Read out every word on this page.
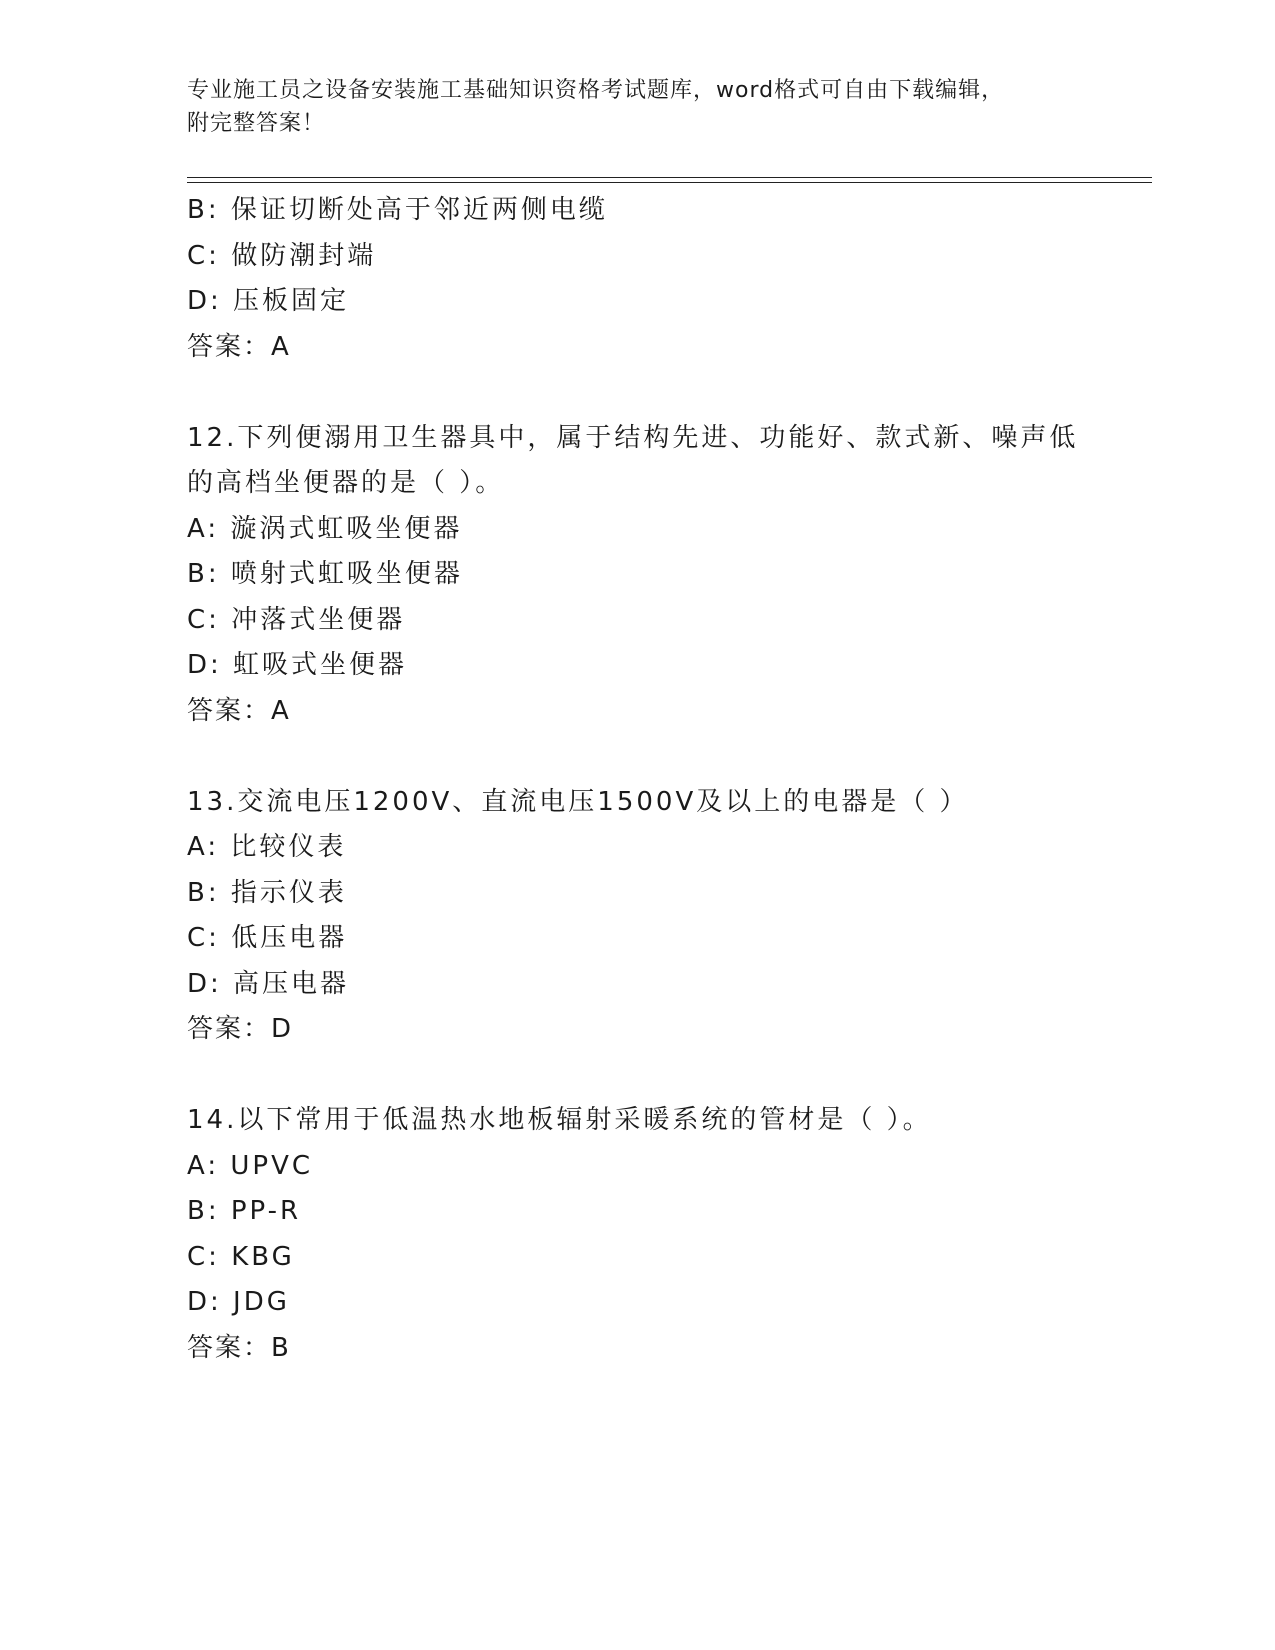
专业施工员之设备安装施工基础知识资格考试题库，word格式可自由下载编辑，
附完整答案！
B: 保证切断处高于邻近两侧电缆
C: 做防潮封端
D: 压板固定
答案：A
12.下列便溺用卫生器具中，属于结构先进、功能好、款式新、噪声低
的高档坐便器的是（ ）。
A: 漩涡式虹吸坐便器
B: 喷射式虹吸坐便器
C: 冲落式坐便器
D: 虹吸式坐便器
答案：A
13.交流电压1200V、直流电压1500V及以上的电器是（ ）
A: 比较仪表
B: 指示仪表
C: 低压电器
D: 高压电器
答案：D
14.以下常用于低温热水地板辐射采暖系统的管材是（ ）。
A: UPVC
B: PP-R
C: KBG
D: JDG
答案：B
